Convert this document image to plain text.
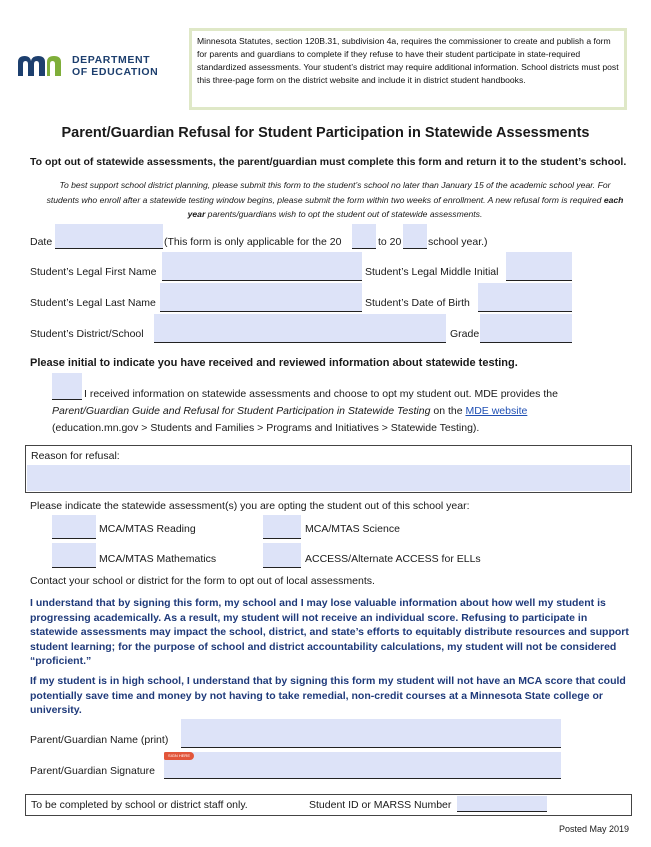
DEPARTMENT
OF EDUCATION
Minnesota Statutes, section 120B.31, subdivision 4a, requires the commissioner to create and publish a form for parents and guardians to complete if they refuse to have their student participate in state-required standardized assessments. Your student’s district may require additional information. School districts must post this three-page form on the district website and include it in district student handbooks.
Parent/Guardian Refusal for Student Participation in Statewide Assessments
To opt out of statewide assessments, the parent/guardian must complete this form and return it to the student’s school.
To best support school district planning, please submit this form to the student’s school no later than January 15 of the academic school year. For students who enroll after a statewide testing window begins, please submit the form within two weeks of enrollment. A new refusal form is required each year parents/guardians wish to opt the student out of statewide assessments.
Date	(This form is only applicable for the 20	to 20	school year.)
Student’s Legal First Name	Student’s Legal Middle Initial
Student’s Legal Last Name	Student’s Date of Birth
Student’s District/School	Grade
Please initial to indicate you have received and reviewed information about statewide testing.
I received information on statewide assessments and choose to opt my student out. MDE provides the
Parent/Guardian Guide and Refusal for Student Participation in Statewide Testing on the MDE website
(education.mn.gov > Students and Families > Programs and Initiatives > Statewide Testing).
Reason for refusal:
Please indicate the statewide assessment(s) you are opting the student out of this school year:
MCA/MTAS Reading	MCA/MTAS Science
MCA/MTAS Mathematics	ACCESS/Alternate ACCESS for ELLs
Contact your school or district for the form to opt out of local assessments.
I understand that by signing this form, my school and I may lose valuable information about how well my student is progressing academically. As a result, my student will not receive an individual score. Refusing to participate in statewide assessments may impact the school, district, and state’s efforts to equitably distribute resources and support student learning; for the purpose of school and district accountability calculations, my student will not be considered “proficient.”
If my student is in high school, I understand that by signing this form my student will not have an MCA score that could potentially save time and money by not having to take remedial, non-credit courses at a Minnesota State college or university.
Parent/Guardian Name (print)
Parent/Guardian Signature
SIGN HERE
To be completed by school or district staff only.	Student ID or MARSS Number
Posted May 2019
